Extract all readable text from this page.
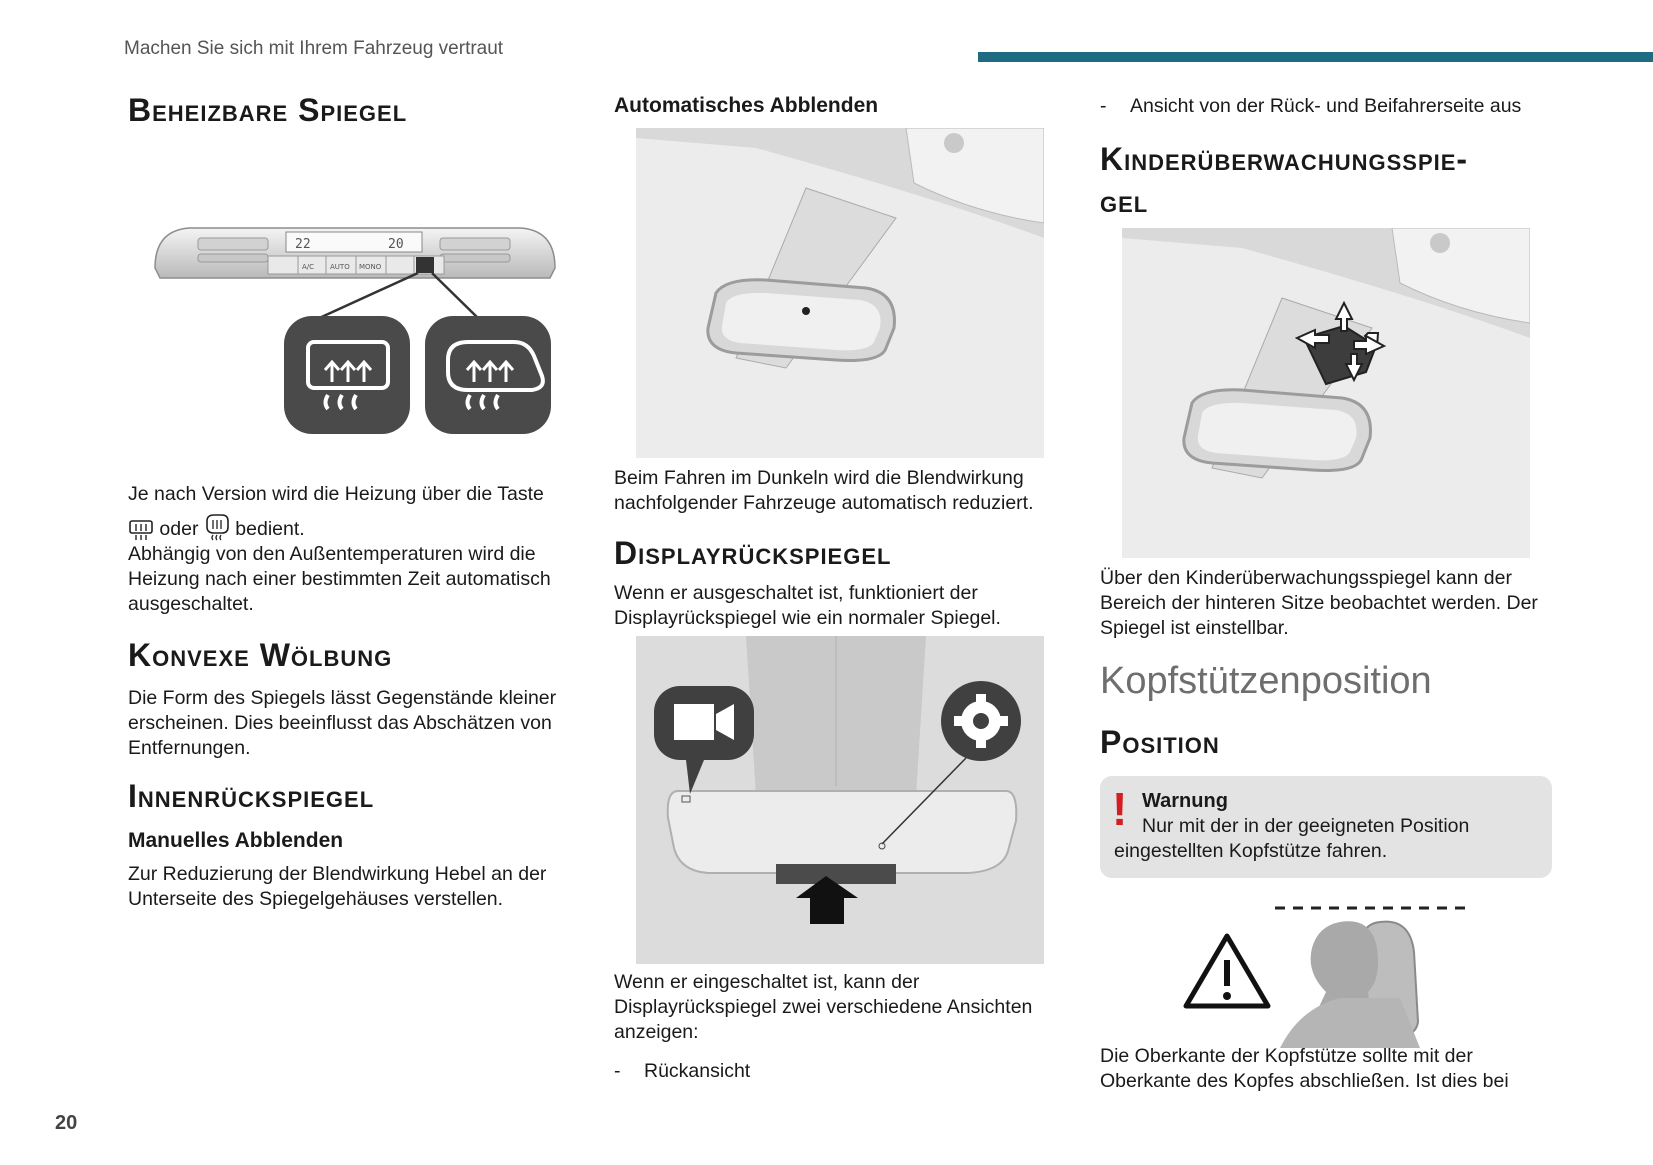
Machen Sie sich mit Ihrem Fahrzeug vertraut
20
Beheizbare Spiegel
22	20
A/C AUTO MONO

Je nach Version wird die Heizung über die Taste

oder bedient.

Abhängig von den Außentemperaturen wird die Heizung nach einer bestimmten Zeit automatisch ausgeschaltet.

Konvexe Wölbung

Die Form des Spiegels lässt Gegenstände kleiner erscheinen. Dies beeinflusst das Abschätzen von Entfernungen.

Innenrückspiegel
Manuelles Abblenden

Zur Reduzierung der Blendwirkung Hebel an der Unterseite des Spiegelgehäuses verstellen.

Automatisches Abblenden

Beim Fahren im Dunkeln wird die Blendwirkung nachfolgender Fahrzeuge automatisch reduziert.

Displayrückspiegel

Wenn er ausgeschaltet ist, funktioniert der Displayrückspiegel wie ein normaler Spiegel.

Wenn er eingeschaltet ist, kann der Displayrückspiegel zwei verschiedene Ansichten anzeigen:

- Rückansicht

- Ansicht von der Rück- und Beifahrerseite aus

Kinderüberwachungsspie-
gel

Über den Kinderüberwachungsspiegel kann der Bereich der hinteren Sitze beobachtet werden. Der Spiegel ist einstellbar.

Kopfstützenposition
Position
! Warnung
Nur mit der in der geeigneten Position eingestellten Kopfstütze fahren.

Die Oberkante der Kopfstütze sollte mit der Oberkante des Kopfes abschließen. Ist dies bei
